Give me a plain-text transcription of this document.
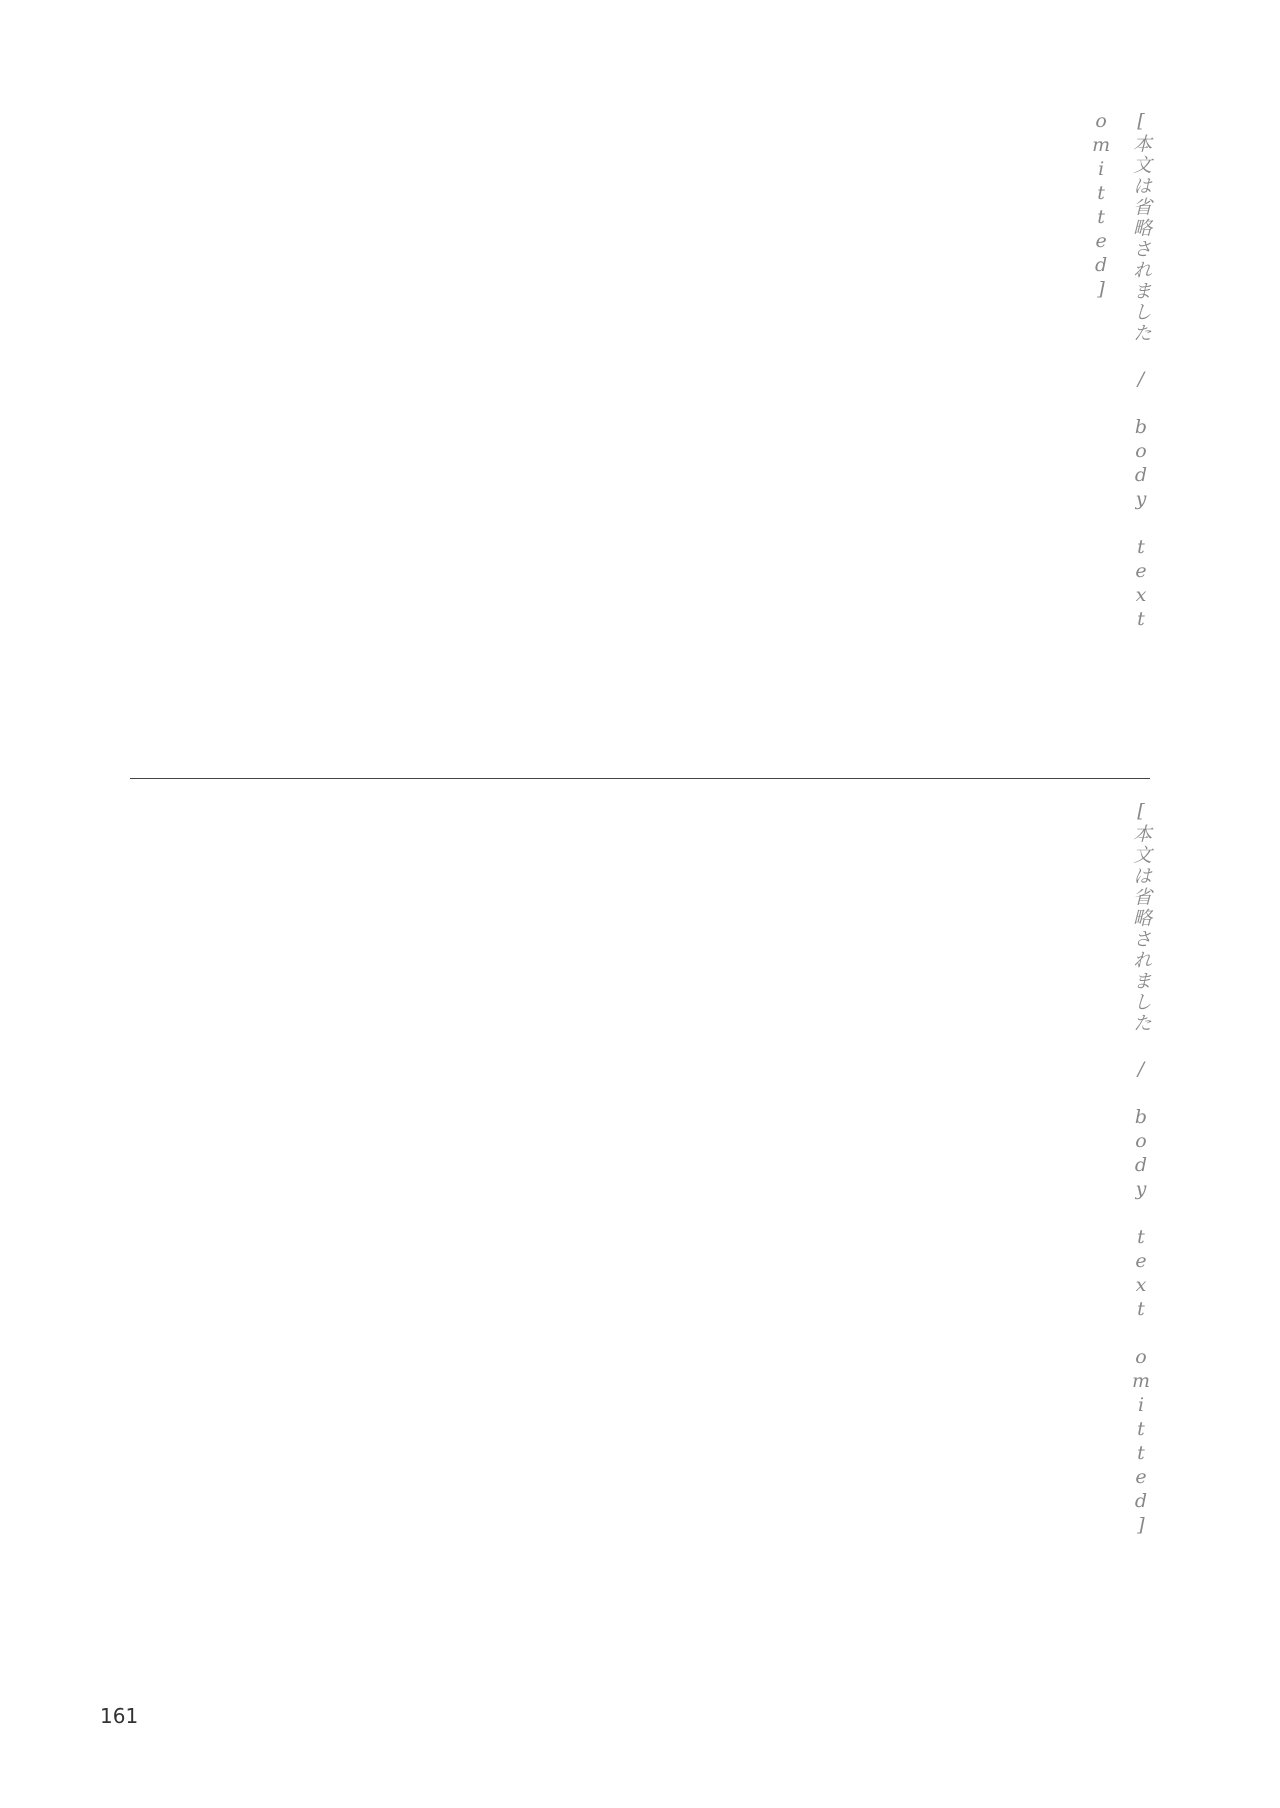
[本文は省略されました / body text omitted]
[本文は省略されました / body text omitted]
161
